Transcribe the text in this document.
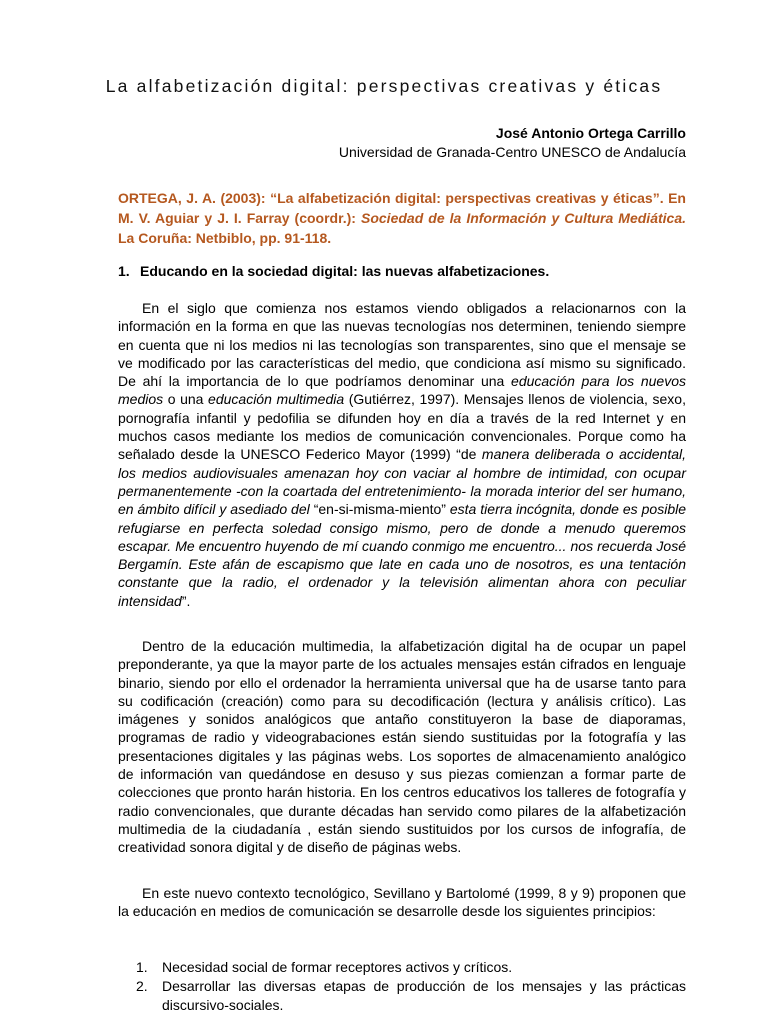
La alfabetización digital: perspectivas creativas y éticas
José Antonio Ortega Carrillo
Universidad de Granada-Centro UNESCO de Andalucía
ORTEGA, J. A. (2003): “La alfabetización digital: perspectivas creativas y éticas”. En M. V. Aguiar y J. I. Farray (coordr.): Sociedad de la Información y Cultura Mediática. La Coruña: Netbiblo, pp. 91-118.
1. Educando en la sociedad digital: las nuevas alfabetizaciones.

En el siglo que comienza nos estamos viendo obligados a relacionarnos con la información en la forma en que las nuevas tecnologías nos determinen, teniendo siempre en cuenta que ni los medios ni las tecnologías son transparentes, sino que el mensaje se ve modificado por las características del medio, que condiciona así mismo su significado. De ahí la importancia de lo que podríamos denominar una educación para los nuevos medios o una educación multimedia (Gutiérrez, 1997). Mensajes llenos de violencia, sexo, pornografía infantil y pedofilia se difunden hoy en día a través de la red Internet y en muchos casos mediante los medios de comunicación convencionales. Porque como ha señalado desde la UNESCO Federico Mayor (1999) “de manera deliberada o accidental, los medios audiovisuales amenazan hoy con vaciar al hombre de intimidad, con ocupar permanentemente -con la coartada del entretenimiento- la morada interior del ser humano, en ámbito difícil y asediado del “en-si-misma-miento” esta tierra incógnita, donde es posible refugiarse en perfecta soledad consigo mismo, pero de donde a menudo queremos escapar. Me encuentro huyendo de mí cuando conmigo me encuentro... nos recuerda José Bergamín. Este afán de escapismo que late en cada uno de nosotros, es una tentación constante que la radio, el ordenador y la televisión alimentan ahora con peculiar intensidad”.

Dentro de la educación multimedia, la alfabetización digital ha de ocupar un papel preponderante, ya que la mayor parte de los actuales mensajes están cifrados en lenguaje binario, siendo por ello el ordenador la herramienta universal que ha de usarse tanto para su codificación (creación) como para su decodificación (lectura y análisis crítico). Las imágenes y sonidos analógicos que antaño constituyeron la base de diaporamas, programas de radio y videograbaciones están siendo sustituidas por la fotografía y las presentaciones digitales y las páginas webs. Los soportes de almacenamiento analógico de información van quedándose en desuso y sus piezas comienzan a formar parte de colecciones que pronto harán historia. En los centros educativos los talleres de fotografía y radio convencionales, que durante décadas han servido como pilares de la alfabetización multimedia de la ciudadanía , están siendo sustituidos por los cursos de infografía, de creatividad sonora digital y de diseño de páginas webs.

En este nuevo contexto tecnológico, Sevillano y Bartolomé (1999, 8 y 9) proponen que la educación en medios de comunicación se desarrolle desde los siguientes principios:

1. Necesidad social de formar receptores activos y críticos.
2. Desarrollar las diversas etapas de producción de los mensajes y las prácticas discursivo-sociales.
